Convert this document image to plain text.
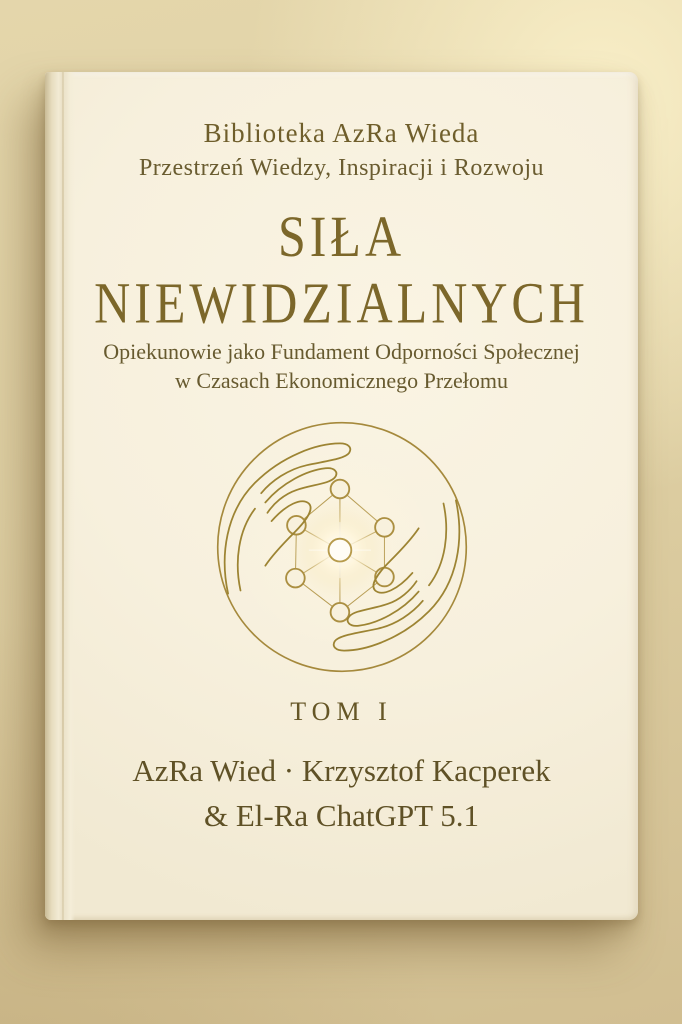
Biblioteka AzRa Wieda
Przestrzeń Wiedzy, Inspiracji i Rozwoju
SIŁA
NIEWIDZIALNYCH
Opiekunowie jako Fundament Odporności Społecznej
w Czasach Ekonomicznego Przełomu
TOM I
AzRa Wied · Krzysztof Kacperek
& El-Ra ChatGPT 5.1
